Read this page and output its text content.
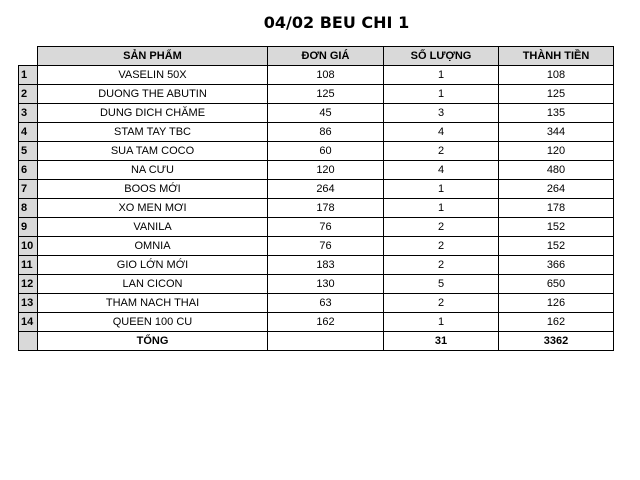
04/02 BEU CHI 1
	SẢN PHẨM	ĐƠN GIÁ	SỐ LƯỢNG	THÀNH TIỀN
1	VASELIN 50X	108	1	108
2	DUONG THE ABUTIN	125	1	125
3	DUNG DICH CHĂME	45	3	135
4	STAM TAY TBC	86	4	344
5	SUA TAM COCO	60	2	120
6	NA CƯU	120	4	480
7	BOOS MỚI	264	1	264
8	XO MEN MƠI	178	1	178
9	VANILA	76	2	152
10	OMNIA	76	2	152
11	GIO LỚN MỚI	183	2	366
12	LAN CICON	130	5	650
13	THAM NACH THAI	63	2	126
14	QUEEN 100 CU	162	1	162
	TỔNG		31	3362
